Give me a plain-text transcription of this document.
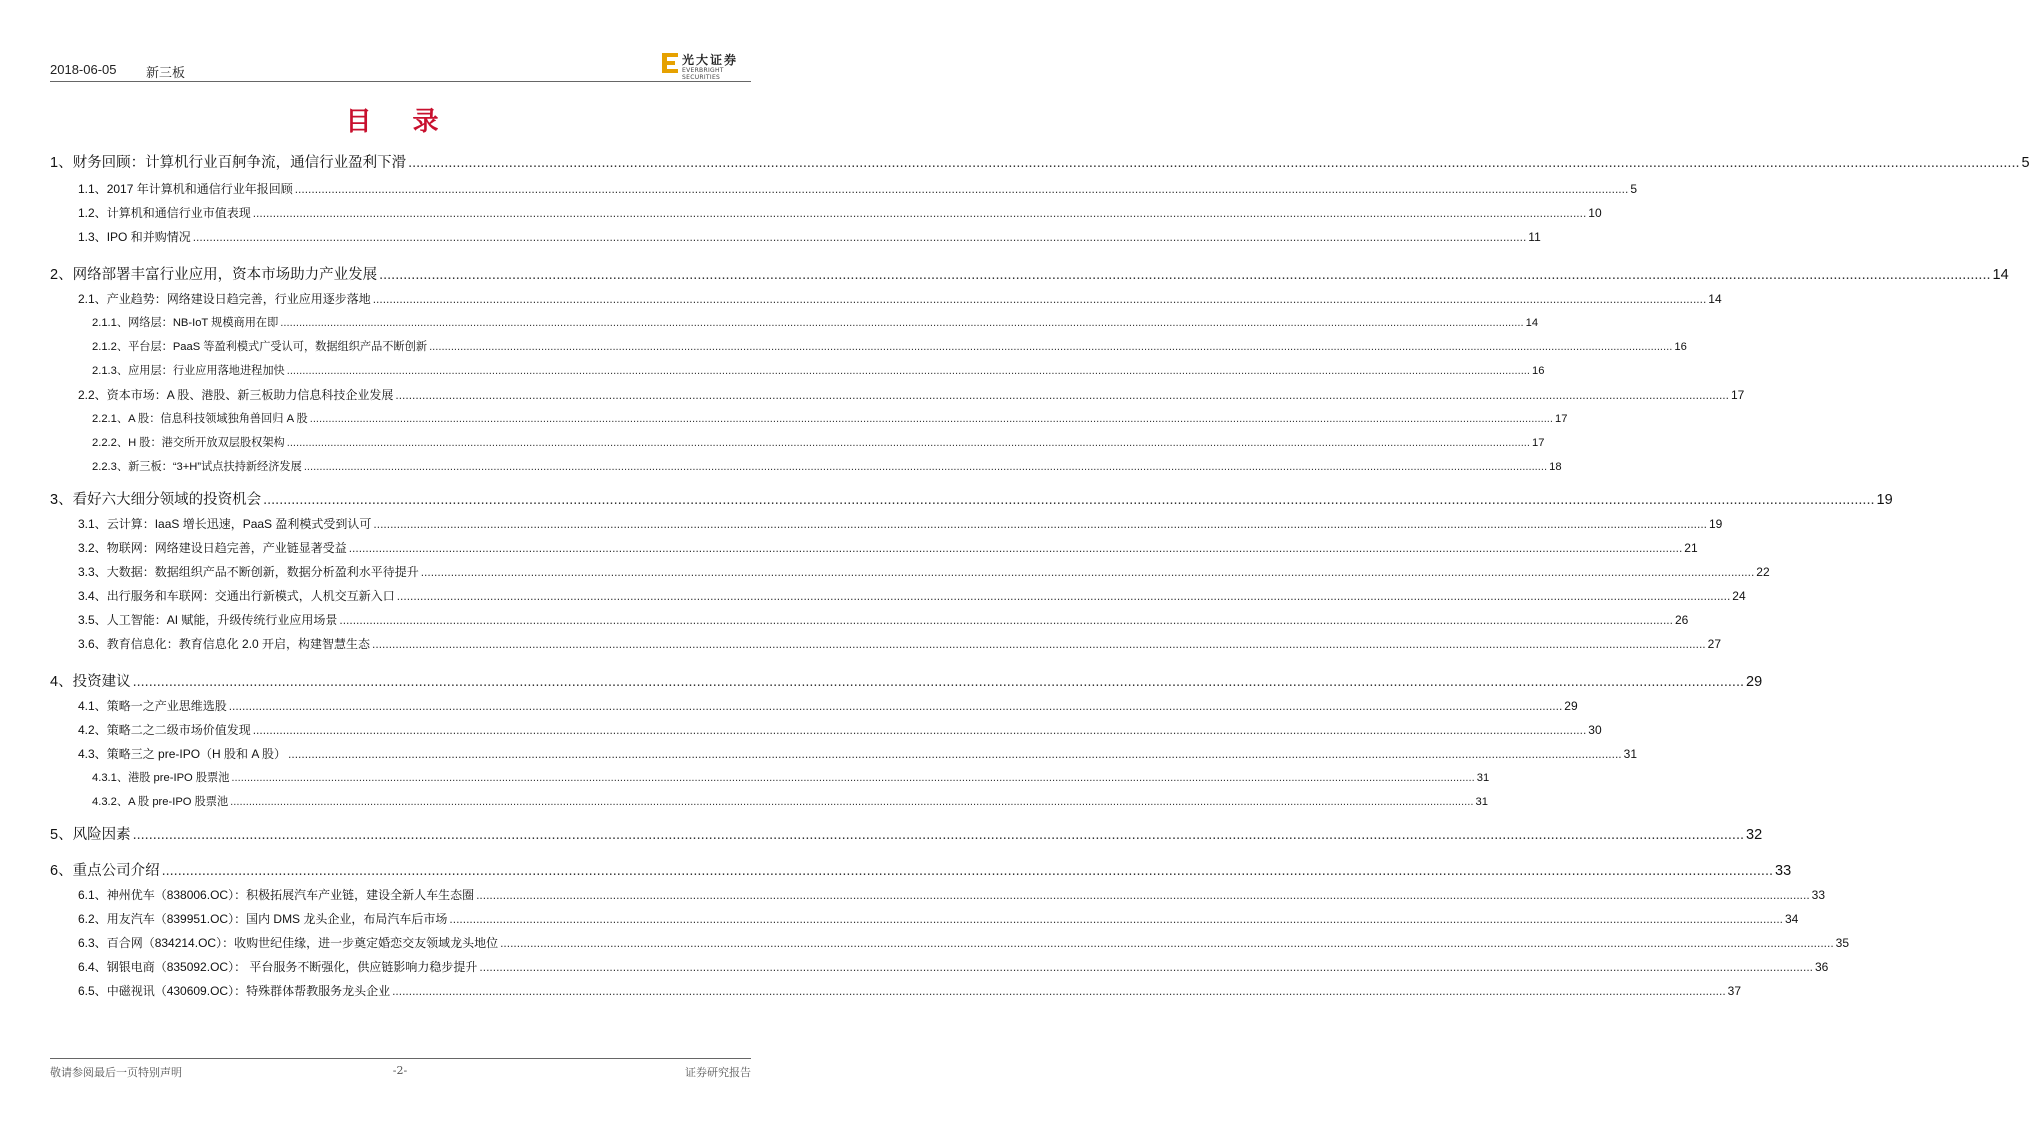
2018-06-05 新三板
光大证券
EVERBRIGHT SECURITIES
目 录
1、 财务回顾：计算机行业百舸争流，通信行业盈利下滑 ................................................................................................................................................................................................................................................................................................................................................................................................................ 5
1.1、 2017 年计算机和通信行业年报回顾 ................................................................................................................................................................................................................................................................................................................................................................................................................ 5
1.2、 计算机和通信行业市值表现 ................................................................................................................................................................................................................................................................................................................................................................................................................ 10
1.3、 IPO 和并购情况 ................................................................................................................................................................................................................................................................................................................................................................................................................ 11
2、 网络部署丰富行业应用，资本市场助力产业发展 ................................................................................................................................................................................................................................................................................................................................................................................................................ 14
2.1、 产业趋势：网络建设日趋完善，行业应用逐步落地 ................................................................................................................................................................................................................................................................................................................................................................................................................ 14
2.1.1、 网络层：NB-IoT 规模商用在即 ................................................................................................................................................................................................................................................................................................................................................................................................................ 14
2.1.2、 平台层：PaaS 等盈利模式广受认可，数据组织产品不断创新 ................................................................................................................................................................................................................................................................................................................................................................................................................ 16
2.1.3、 应用层：行业应用落地进程加快 ................................................................................................................................................................................................................................................................................................................................................................................................................ 16
2.2、 资本市场：A 股、港股、新三板助力信息科技企业发展 ................................................................................................................................................................................................................................................................................................................................................................................................................ 17
2.2.1、 A 股：信息科技领域独角兽回归 A 股 ................................................................................................................................................................................................................................................................................................................................................................................................................ 17
2.2.2、 H 股：港交所开放双层股权架构 ................................................................................................................................................................................................................................................................................................................................................................................................................ 17
2.2.3、 新三板：“3+H”试点扶持新经济发展 ................................................................................................................................................................................................................................................................................................................................................................................................................ 18
3、 看好六大细分领域的投资机会 ................................................................................................................................................................................................................................................................................................................................................................................................................ 19
3.1、 云计算：IaaS 增长迅速，PaaS 盈利模式受到认可 ................................................................................................................................................................................................................................................................................................................................................................................................................ 19
3.2、 物联网：网络建设日趋完善，产业链显著受益 ................................................................................................................................................................................................................................................................................................................................................................................................................ 21
3.3、 大数据：数据组织产品不断创新，数据分析盈利水平待提升 ................................................................................................................................................................................................................................................................................................................................................................................................................ 22
3.4、 出行服务和车联网：交通出行新模式，人机交互新入口 ................................................................................................................................................................................................................................................................................................................................................................................................................ 24
3.5、 人工智能：AI 赋能，升级传统行业应用场景 ................................................................................................................................................................................................................................................................................................................................................................................................................ 26
3.6、 教育信息化：教育信息化 2.0 开启，构建智慧生态 ................................................................................................................................................................................................................................................................................................................................................................................................................ 27
4、 投资建议 ................................................................................................................................................................................................................................................................................................................................................................................................................ 29
4.1、 策略一之产业思维选股 ................................................................................................................................................................................................................................................................................................................................................................................................................ 29
4.2、 策略二之二级市场价值发现 ................................................................................................................................................................................................................................................................................................................................................................................................................ 30
4.3、 策略三之 pre-IPO（H 股和 A 股） ................................................................................................................................................................................................................................................................................................................................................................................................................ 31
4.3.1、 港股 pre-IPO 股票池 ................................................................................................................................................................................................................................................................................................................................................................................................................ 31
4.3.2、 A 股 pre-IPO 股票池 ................................................................................................................................................................................................................................................................................................................................................................................................................ 31
5、 风险因素 ................................................................................................................................................................................................................................................................................................................................................................................................................ 32
6、 重点公司介绍 ................................................................................................................................................................................................................................................................................................................................................................................................................ 33
6.1、 神州优车（838006.OC）：积极拓展汽车产业链，建设全新人车生态圈 ................................................................................................................................................................................................................................................................................................................................................................................................................ 33
6.2、 用友汽车（839951.OC）：国内 DMS 龙头企业，布局汽车后市场 ................................................................................................................................................................................................................................................................................................................................................................................................................ 34
6.3、 百合网（834214.OC）：收购世纪佳缘，进一步奠定婚恋交友领域龙头地位 ................................................................................................................................................................................................................................................................................................................................................................................................................ 35
6.4、 钢银电商（835092.OC）： 平台服务不断强化，供应链影响力稳步提升 ................................................................................................................................................................................................................................................................................................................................................................................................................ 36
6.5、 中磁视讯（430609.OC）：特殊群体帮教服务龙头企业 ................................................................................................................................................................................................................................................................................................................................................................................................................ 37
敬请参阅最后一页特别声明	-2-	证券研究报告
